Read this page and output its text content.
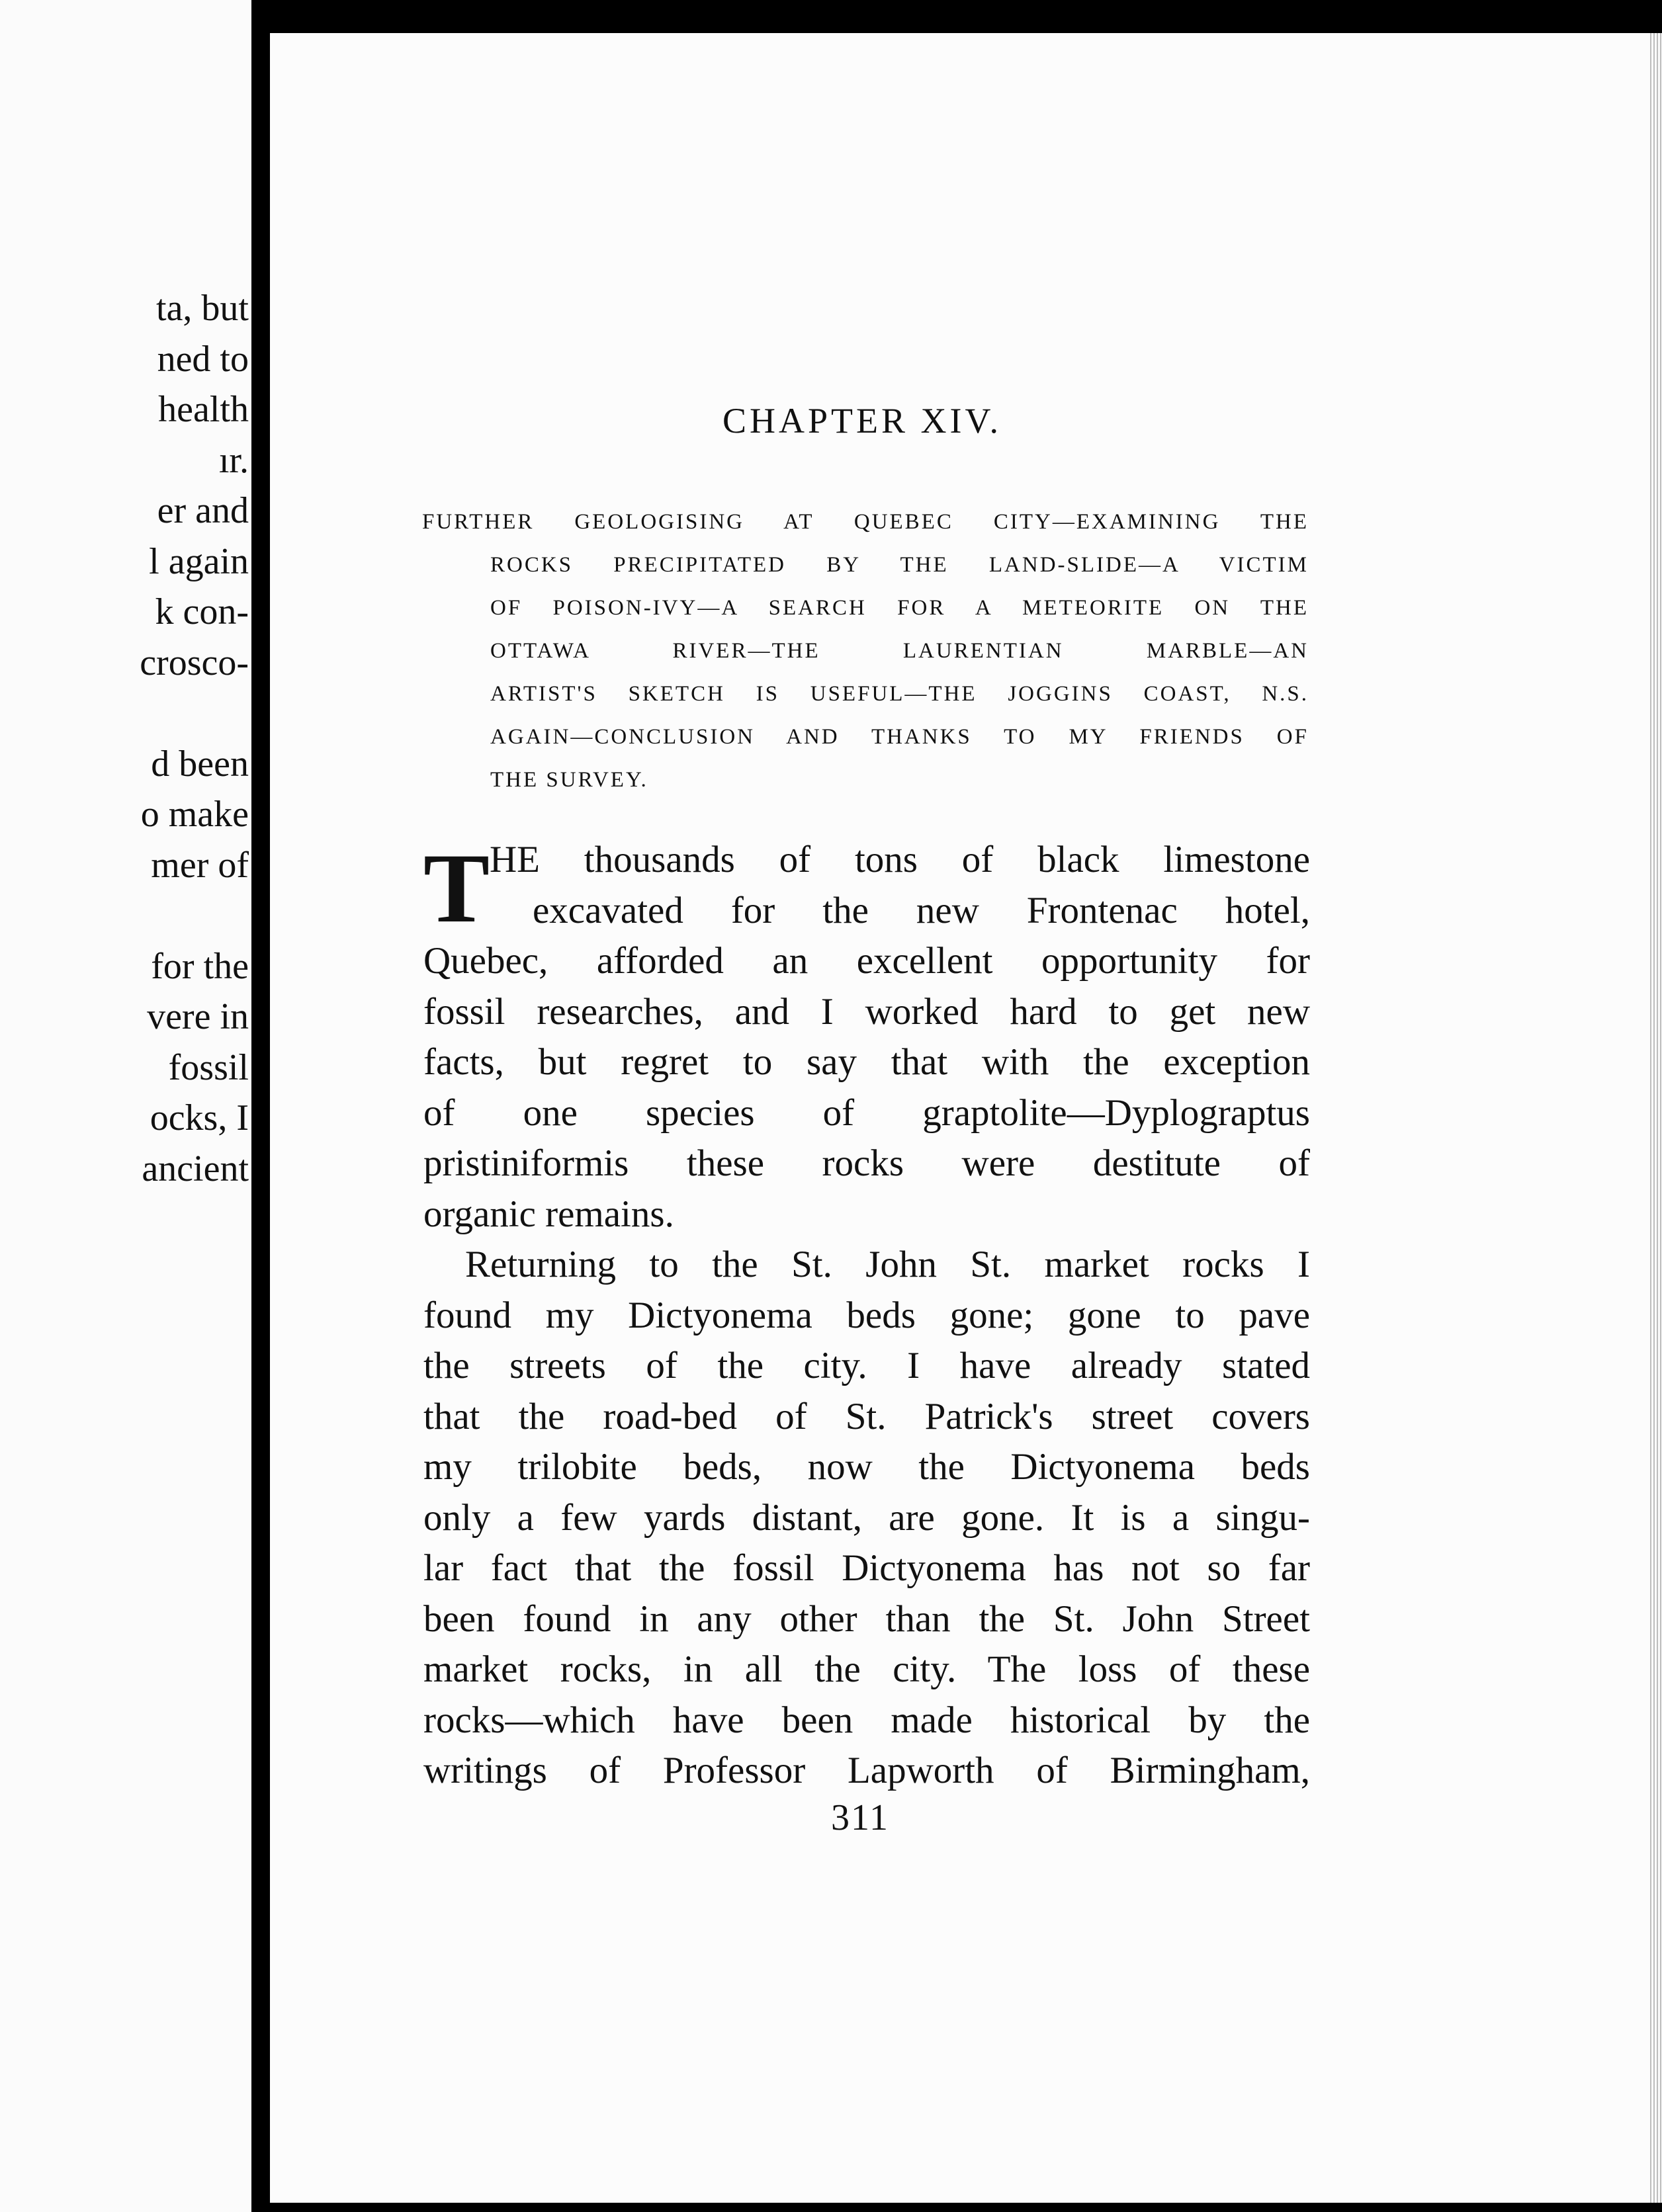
ta, but
ned to
health
ır.
er and
l again
k con-
crosco-
d been
o make
mer of
for the
vere in
fossil
ocks, I
ancient
CHAPTER XIV.
FURTHER GEOLOGISING AT QUEBEC CITY—EXAMINING THE
ROCKS PRECIPITATED BY THE LAND-SLIDE—A VICTIM
OF POISON-IVY—A SEARCH FOR A METEORITE ON THE
OTTAWA RIVER—THE LAURENTIAN MARBLE—AN
ARTIST'S SKETCH IS USEFUL—THE JOGGINS COAST, N.S.
AGAIN—CONCLUSION AND THANKS TO MY FRIENDS OF
THE SURVEY.
T HE thousands of tons of black limestone
excavated for the new Frontenac hotel,
Quebec, afforded an excellent opportunity for
fossil researches, and I worked hard to get new
facts, but regret to say that with the exception
of one species of graptolite—Dyplograptus
pristiniformis these rocks were destitute of
organic remains.
Returning to the St. John St. market rocks I
found my Dictyonema beds gone; gone to pave
the streets of the city. I have already stated
that the road-bed of St. Patrick's street covers
my trilobite beds, now the Dictyonema beds
only a few yards distant, are gone. It is a singu-
lar fact that the fossil Dictyonema has not so far
been found in any other than the St. John Street
market rocks, in all the city. The loss of these
rocks—which have been made historical by the
writings of Professor Lapworth of Birmingham,
311
